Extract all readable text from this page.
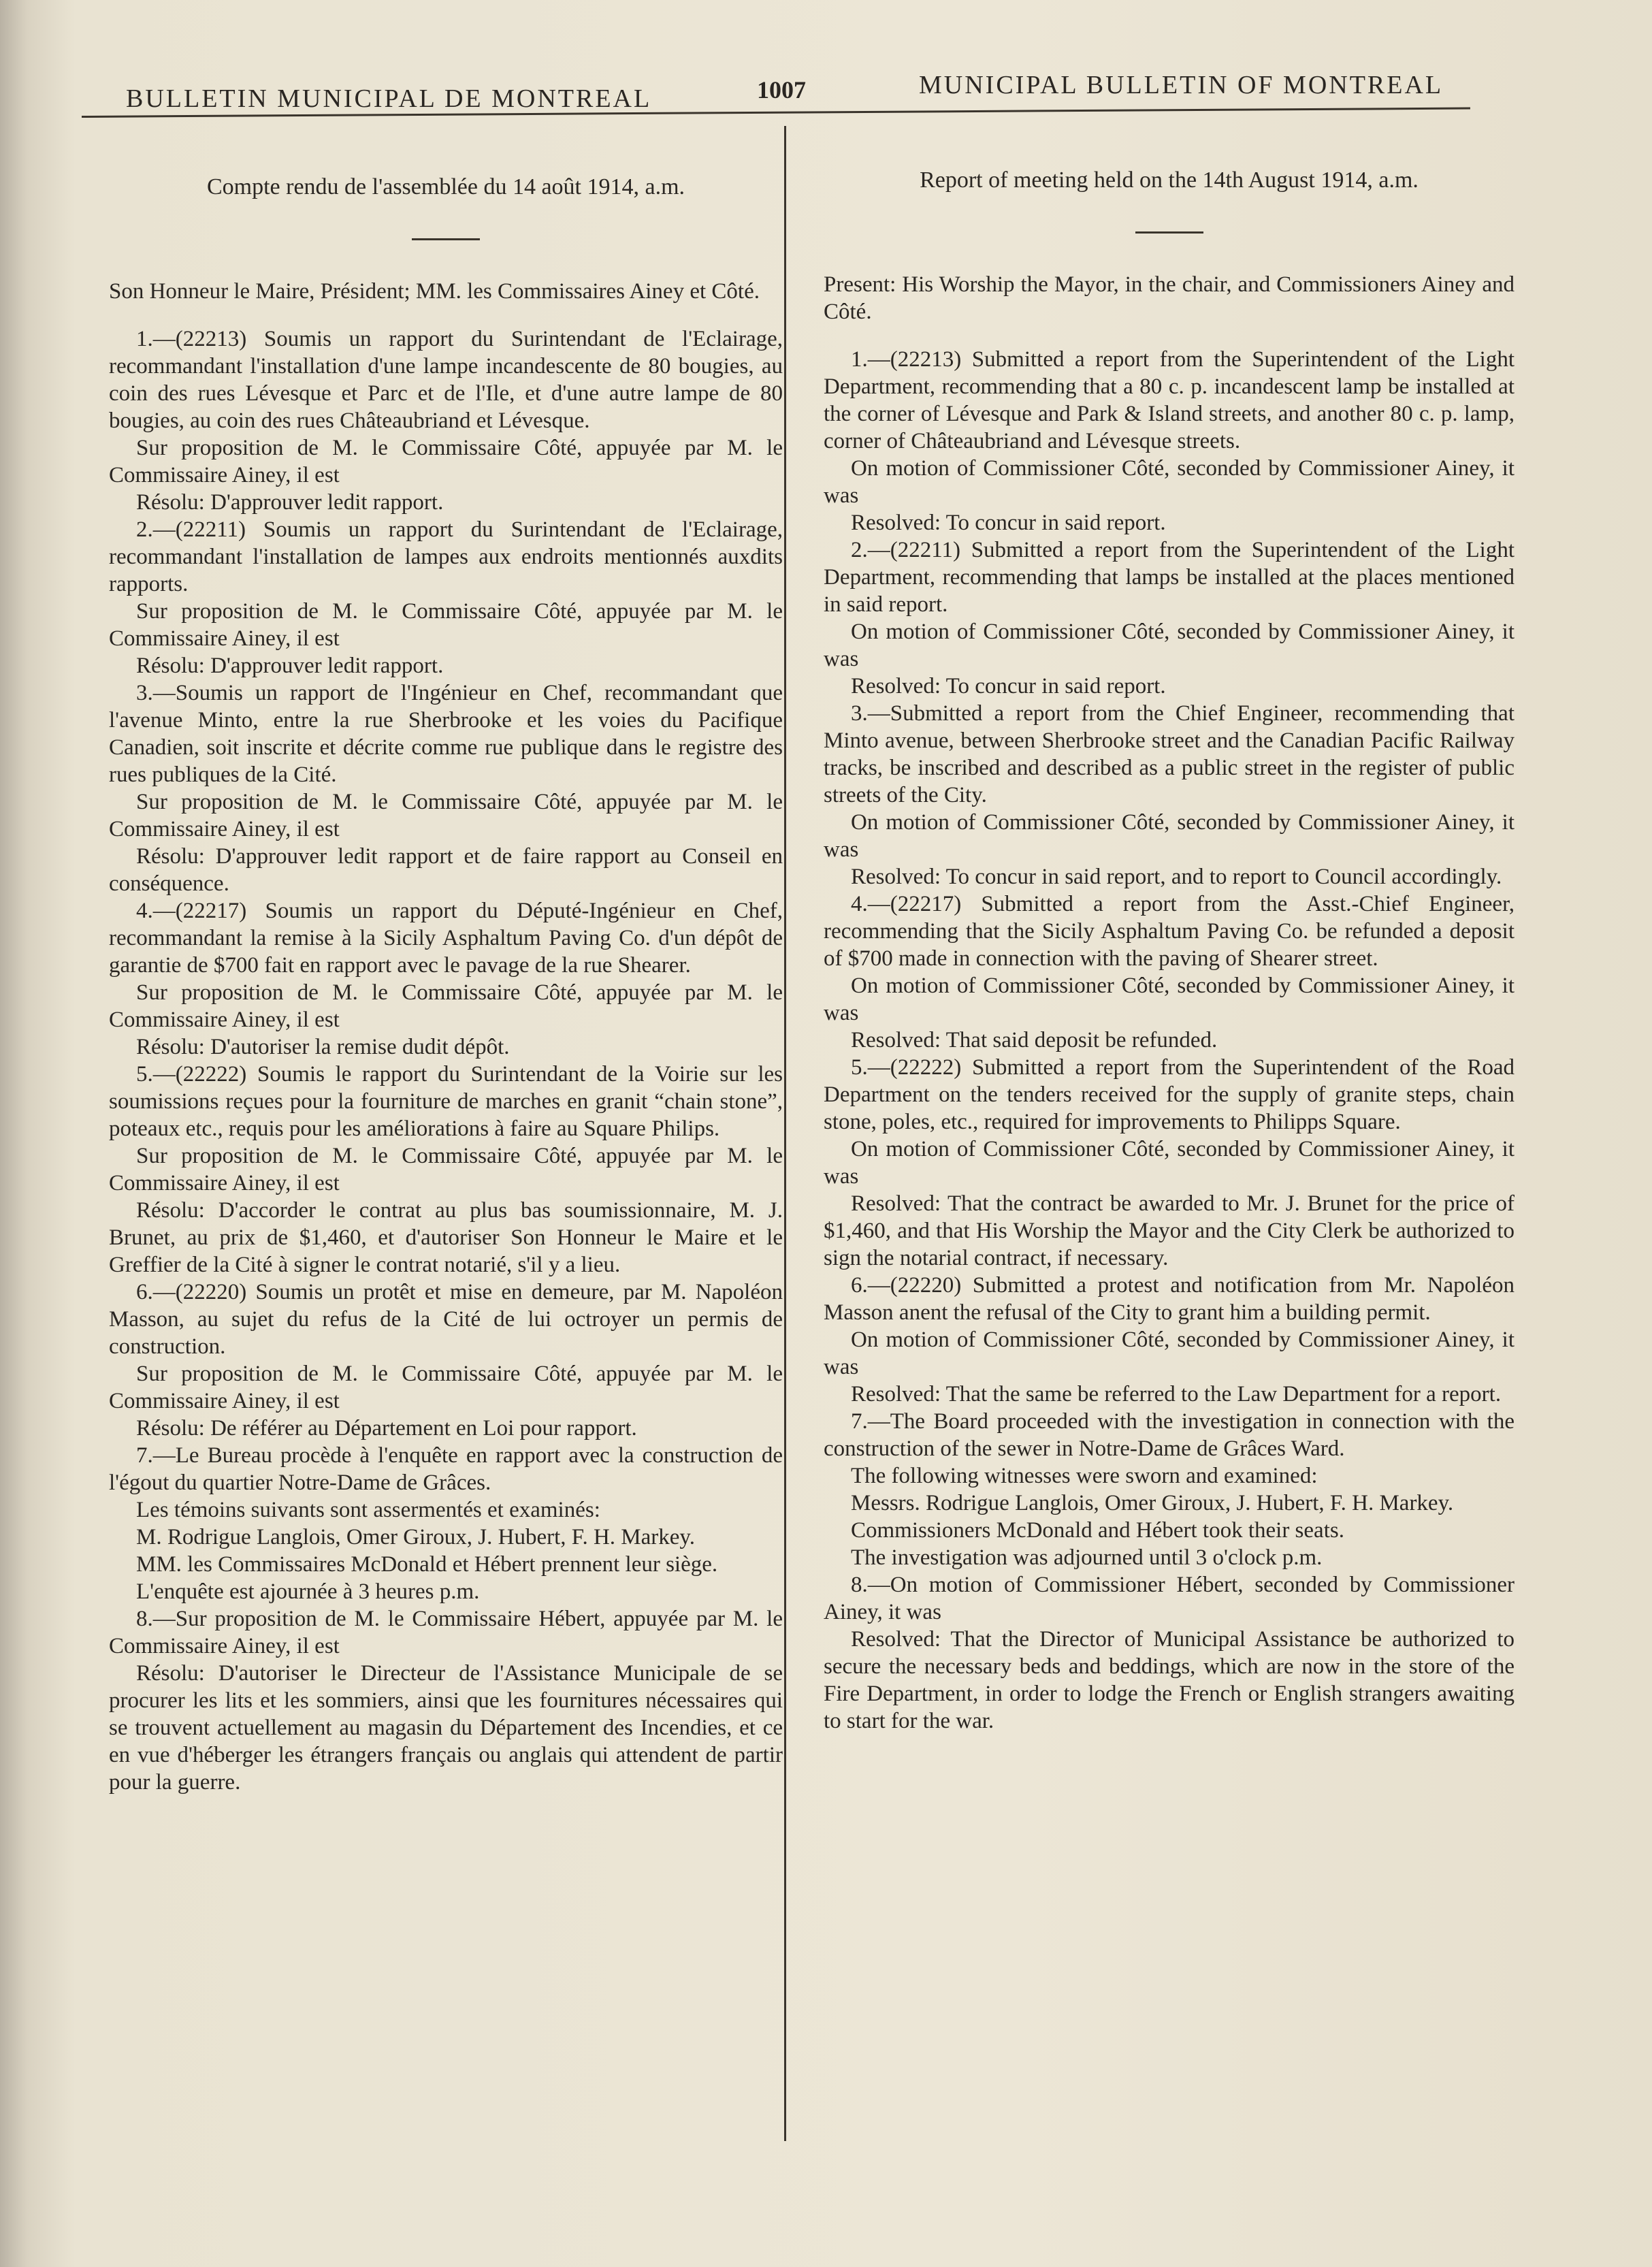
BULLETIN MUNICIPAL DE MONTREAL	1007	MUNICIPAL BULLETIN OF MONTREAL

Compte rendu de l'assemblée du 14 août 1914, a.m.

Son Honneur le Maire, Président; MM. les Commissaires Ainey et Côté.

1.—(22213) Soumis un rapport du Surintendant de l'Eclairage, recommandant l'installation d'une lampe incandescente de 80 bougies, au coin des rues Lévesque et Parc et de l'Ile, et d'une autre lampe de 80 bougies, au coin des rues Châteaubriand et Lévesque.

Sur proposition de M. le Commissaire Côté, appuyée par M. le Commissaire Ainey, il est

Résolu: D'approuver ledit rapport.

2.—(22211) Soumis un rapport du Surintendant de l'Eclairage, recommandant l'installation de lampes aux endroits mentionnés auxdits rapports.

Sur proposition de M. le Commissaire Côté, appuyée par M. le Commissaire Ainey, il est

Résolu: D'approuver ledit rapport.

3.—Soumis un rapport de l'Ingénieur en Chef, recommandant que l'avenue Minto, entre la rue Sherbrooke et les voies du Pacifique Canadien, soit inscrite et décrite comme rue publique dans le registre des rues publiques de la Cité.

Sur proposition de M. le Commissaire Côté, appuyée par M. le Commissaire Ainey, il est

Résolu: D'approuver ledit rapport et de faire rapport au Conseil en conséquence.

4.—(22217) Soumis un rapport du Député-Ingénieur en Chef, recommandant la remise à la Sicily Asphaltum Paving Co. d'un dépôt de garantie de $700 fait en rapport avec le pavage de la rue Shearer.

Sur proposition de M. le Commissaire Côté, appuyée par M. le Commissaire Ainey, il est

Résolu: D'autoriser la remise dudit dépôt.

5.—(22222) Soumis le rapport du Surintendant de la Voirie sur les soumissions reçues pour la fourniture de marches en granit “chain stone”, poteaux etc., requis pour les améliorations à faire au Square Philips.

Sur proposition de M. le Commissaire Côté, appuyée par M. le Commissaire Ainey, il est

Résolu: D'accorder le contrat au plus bas soumissionnaire, M. J. Brunet, au prix de $1,460, et d'autoriser Son Honneur le Maire et le Greffier de la Cité à signer le contrat notarié, s'il y a lieu.

6.—(22220) Soumis un protêt et mise en demeure, par M. Napoléon Masson, au sujet du refus de la Cité de lui octroyer un permis de construction.

Sur proposition de M. le Commissaire Côté, appuyée par M. le Commissaire Ainey, il est

Résolu: De référer au Département en Loi pour rapport.

7.—Le Bureau procède à l'enquête en rapport avec la construction de l'égout du quartier Notre-Dame de Grâces.

Les témoins suivants sont assermentés et examinés:

M. Rodrigue Langlois, Omer Giroux, J. Hubert, F. H. Markey.

MM. les Commissaires McDonald et Hébert prennent leur siège.

L'enquête est ajournée à 3 heures p.m.

8.—Sur proposition de M. le Commissaire Hébert, appuyée par M. le Commissaire Ainey, il est

Résolu: D'autoriser le Directeur de l'Assistance Municipale de se procurer les lits et les sommiers, ainsi que les fournitures nécessaires qui se trouvent actuellement au magasin du Département des Incendies, et ce en vue d'héberger les étrangers français ou anglais qui attendent de partir pour la guerre.

Report of meeting held on the 14th August 1914, a.m.

Present: His Worship the Mayor, in the chair, and Commissioners Ainey and Côté.

1.—(22213) Submitted a report from the Superintendent of the Light Department, recommending that a 80 c. p. incandescent lamp be installed at the corner of Lévesque and Park & Island streets, and another 80 c. p. lamp, corner of Châteaubriand and Lévesque streets.

On motion of Commissioner Côté, seconded by Commissioner Ainey, it was

Resolved: To concur in said report.

2.—(22211) Submitted a report from the Superintendent of the Light Department, recommending that lamps be installed at the places mentioned in said report.

On motion of Commissioner Côté, seconded by Commissioner Ainey, it was

Resolved: To concur in said report.

3.—Submitted a report from the Chief Engineer, recommending that Minto avenue, between Sherbrooke street and the Canadian Pacific Railway tracks, be inscribed and described as a public street in the register of public streets of the City.

On motion of Commissioner Côté, seconded by Commissioner Ainey, it was

Resolved: To concur in said report, and to report to Council accordingly.

4.—(22217) Submitted a report from the Asst.-Chief Engineer, recommending that the Sicily Asphaltum Paving Co. be refunded a deposit of $700 made in connection with the paving of Shearer street.

On motion of Commissioner Côté, seconded by Commissioner Ainey, it was

Resolved: That said deposit be refunded.

5.—(22222) Submitted a report from the Superintendent of the Road Department on the tenders received for the supply of granite steps, chain stone, poles, etc., required for improvements to Philipps Square.

On motion of Commissioner Côté, seconded by Commissioner Ainey, it was

Resolved: That the contract be awarded to Mr. J. Brunet for the price of $1,460, and that His Worship the Mayor and the City Clerk be authorized to sign the notarial contract, if necessary.

6.—(22220) Submitted a protest and notification from Mr. Napoléon Masson anent the refusal of the City to grant him a building permit.

On motion of Commissioner Côté, seconded by Commissioner Ainey, it was

Resolved: That the same be referred to the Law Department for a report.

7.—The Board proceeded with the investigation in connection with the construction of the sewer in Notre-Dame de Grâces Ward.

The following witnesses were sworn and examined:

Messrs. Rodrigue Langlois, Omer Giroux, J. Hubert, F. H. Markey.

Commissioners McDonald and Hébert took their seats.

The investigation was adjourned until 3 o'clock p.m.

8.—On motion of Commissioner Hébert, seconded by Commissioner Ainey, it was

Resolved: That the Director of Municipal Assistance be authorized to secure the necessary beds and beddings, which are now in the store of the Fire Department, in order to lodge the French or English strangers awaiting to start for the war.
